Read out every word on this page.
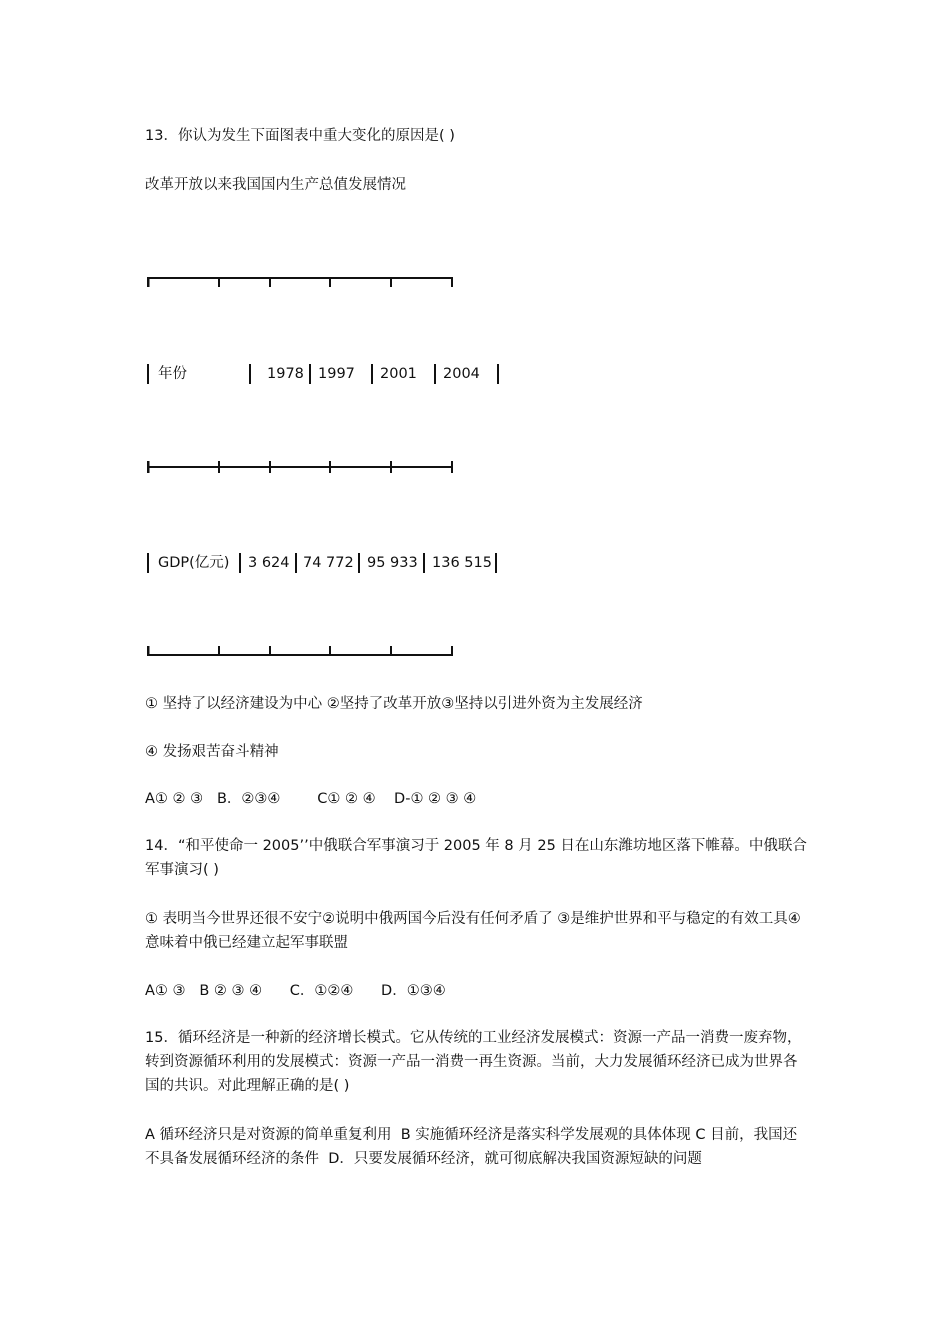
13．你认为发生下面图表中重大变化的原因是( )
改革开放以来我国国内生产总值发展情况
年份	1978 1997 2001 2004
GDP(亿元) 3 624 74 772 95 933 136 515
① 坚持了以经济建设为中心 ②坚持了改革开放③坚持以引进外资为主发展经济
④ 发扬艰苦奋斗精神
A① ② ③   B．②③④        C① ② ④    D-① ② ③ ④
14．“和平使命一 2005’’中俄联合军事演习于 2005 年 8 月 25 日在山东潍坊地区落下帷幕。中俄联合军事演习( )
① 表明当今世界还很不安宁②说明中俄两国今后没有任何矛盾了 ③是维护世界和平与稳定的有效工具④意味着中俄已经建立起军事联盟
A① ③   B ② ③ ④      C．①②④      D．①③④
15．循环经济是一种新的经济增长模式。它从传统的工业经济发展模式：资源一产品一消费一废弃物，转到资源循环利用的发展模式：资源一产品一消费一再生资源。当前，大力发展循环经济已成为世界各国的共识。对此理解正确的是( )
A 循环经济只是对资源的简单重复利用  B 实施循环经济是落实科学发展观的具体体现 C 目前，我国还不具备发展循环经济的条件  D．只要发展循环经济，就可彻底解决我国资源短缺的问题
